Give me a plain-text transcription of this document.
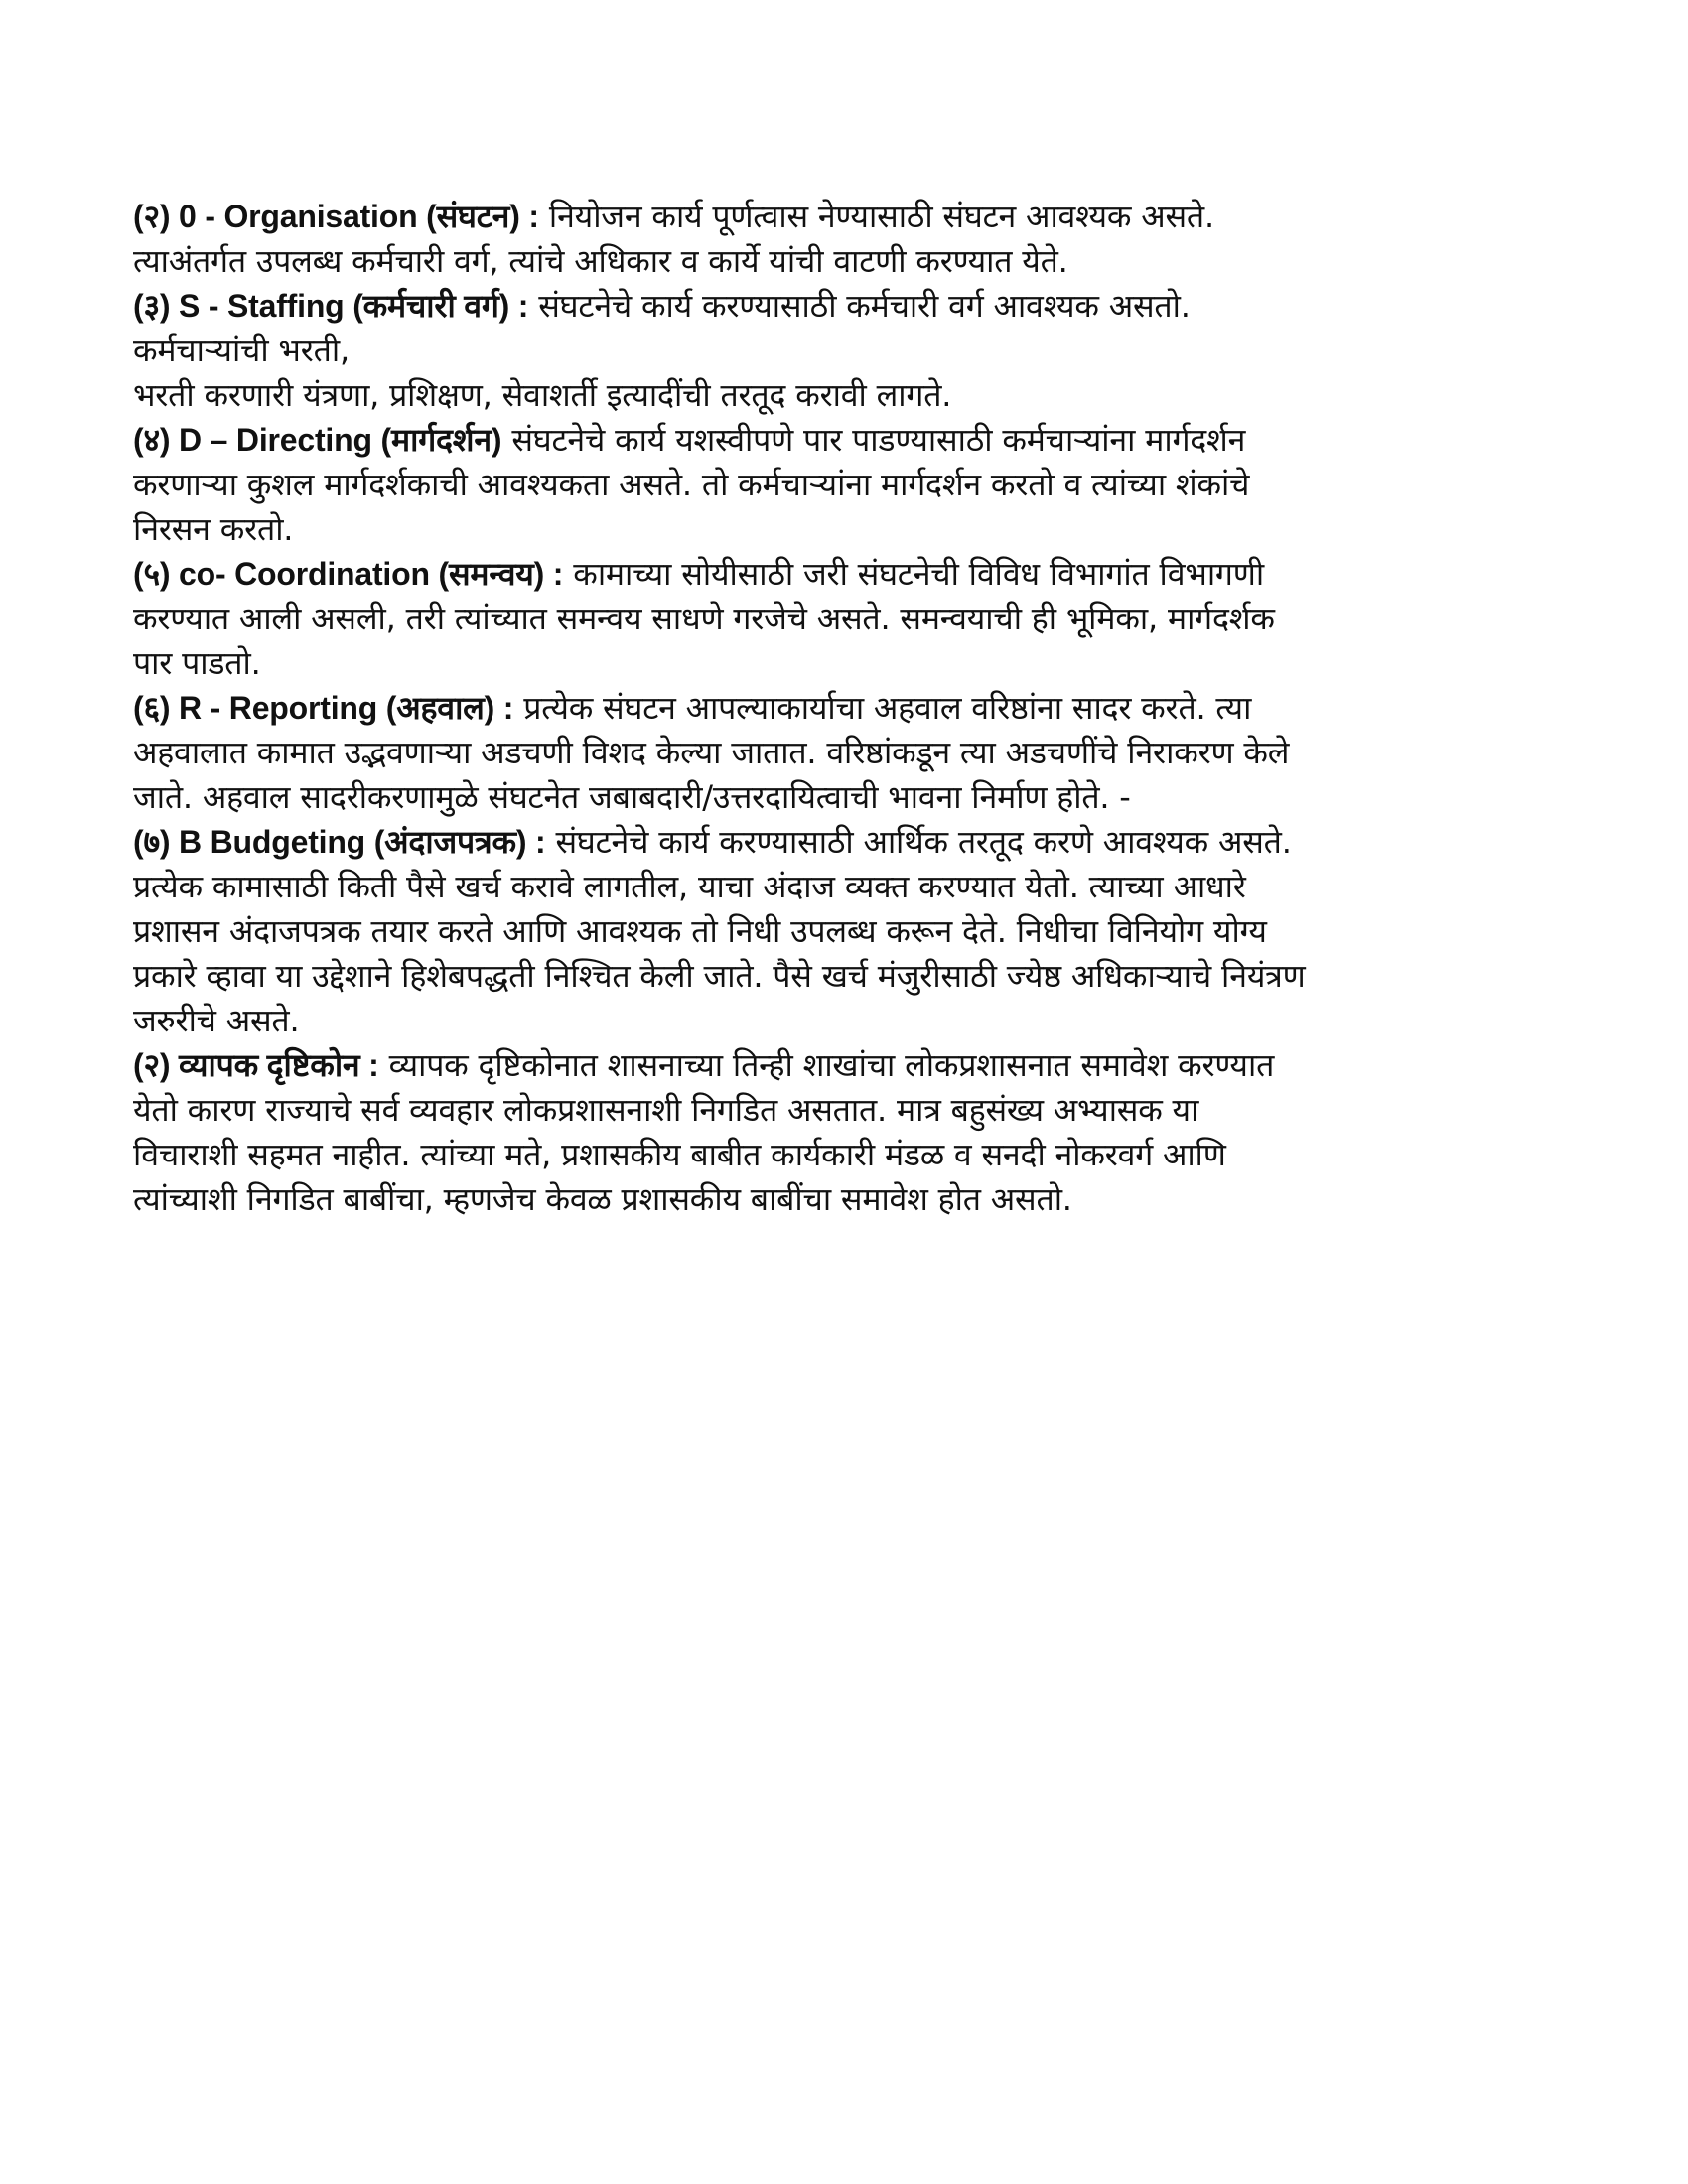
(२) 0 - Organisation (संघटन) : नियोजन कार्य पूर्णत्वास नेण्यासाठी संघटन आवश्यक असते.
त्याअंतर्गत उपलब्ध कर्मचारी वर्ग, त्यांचे अधिकार व कार्ये यांची वाटणी करण्यात येते.
(३) S - Staffing (कर्मचारी वर्ग) : संघटनेचे कार्य करण्यासाठी कर्मचारी वर्ग आवश्यक असतो.
कर्मचाऱ्यांची भरती,
भरती करणारी यंत्रणा, प्रशिक्षण, सेवाशर्ती इत्यादींची तरतूद करावी लागते.
(४) D – Directing (मार्गदर्शन) संघटनेचे कार्य यशस्वीपणे पार पाडण्यासाठी कर्मचाऱ्यांना मार्गदर्शन
करणाऱ्या कुशल मार्गदर्शकाची आवश्यकता असते. तो कर्मचाऱ्यांना मार्गदर्शन करतो व त्यांच्या शंकांचे
निरसन करतो.
(५) co- Coordination (समन्वय) : कामाच्या सोयीसाठी जरी संघटनेची विविध विभागांत विभागणी
करण्यात आली असली, तरी त्यांच्यात समन्वय साधणे गरजेचे असते. समन्वयाची ही भूमिका, मार्गदर्शक
पार पाडतो.
(६) R - Reporting (अहवाल) : प्रत्येक संघटन आपल्याकार्याचा अहवाल वरिष्ठांना सादर करते. त्या
अहवालात कामात उद्भवणाऱ्या अडचणी विशद केल्या जातात. वरिष्ठांकडून त्या अडचणींचे निराकरण केले
जाते. अहवाल सादरीकरणामुळे संघटनेत जबाबदारी/उत्तरदायित्वाची भावना निर्माण होते. -
(७) B Budgeting (अंदाजपत्रक) : संघटनेचे कार्य करण्यासाठी आर्थिक तरतूद करणे आवश्यक असते.
प्रत्येक कामासाठी किती पैसे खर्च करावे लागतील, याचा अंदाज व्यक्त करण्यात येतो. त्याच्या आधारे
प्रशासन अंदाजपत्रक तयार करते आणि आवश्यक तो निधी उपलब्ध करून देते. निधीचा विनियोग योग्य
प्रकारे व्हावा या उद्देशाने हिशेबपद्धती निश्चित केली जाते. पैसे खर्च मंजुरीसाठी ज्येष्ठ अधिकाऱ्याचे नियंत्रण
जरुरीचे असते.
(२) व्यापक दृष्टिकोन : व्यापक दृष्टिकोनात शासनाच्या तिन्ही शाखांचा लोकप्रशासनात समावेश करण्यात
येतो कारण राज्याचे सर्व व्यवहार लोकप्रशासनाशी निगडित असतात. मात्र बहुसंख्य अभ्यासक या
विचाराशी सहमत नाहीत. त्यांच्या मते, प्रशासकीय बाबीत कार्यकारी मंडळ व सनदी नोकरवर्ग आणि
त्यांच्याशी निगडित बाबींचा, म्हणजेच केवळ प्रशासकीय बाबींचा समावेश होत असतो.
